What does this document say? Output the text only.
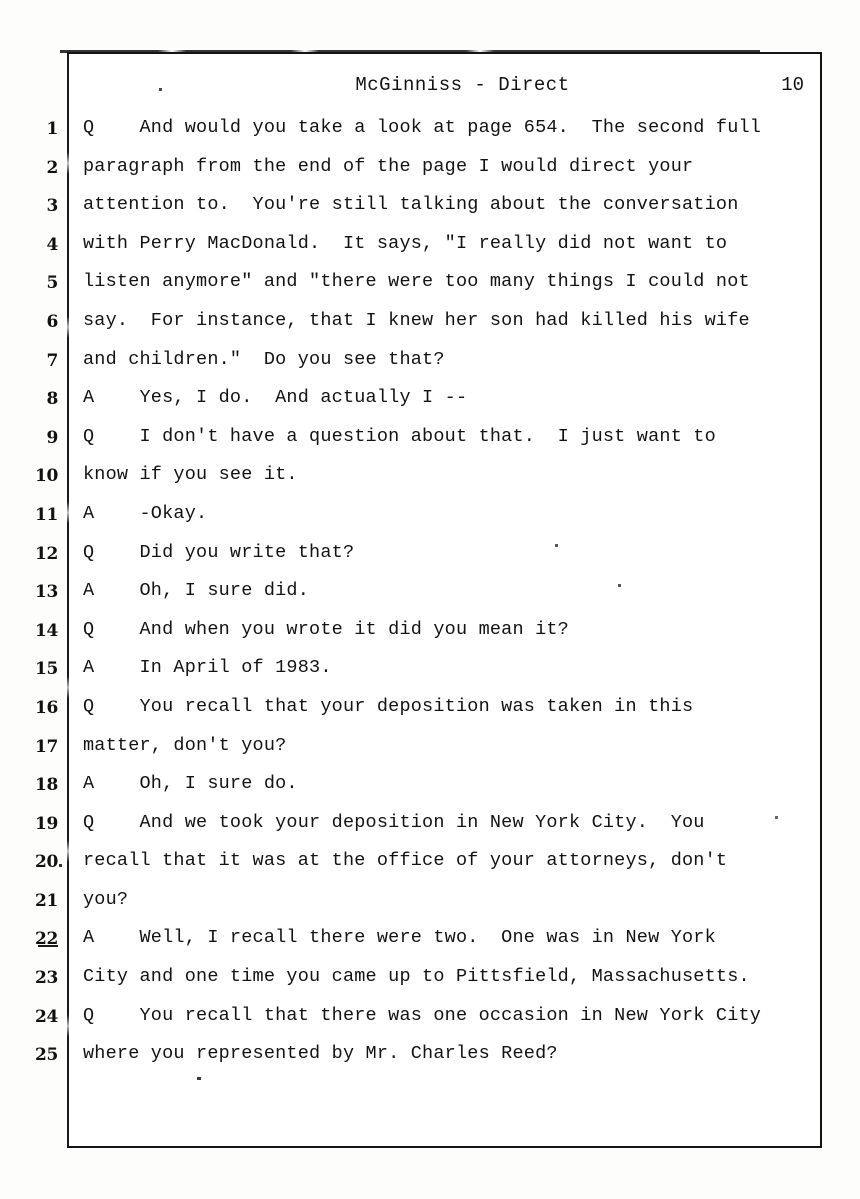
McGinniss - Direct	10
1 Q    And would you take a look at page 654.  The second full
2 paragraph from the end of the page I would direct your
3 attention to.  You're still talking about the conversation
4 with Perry MacDonald.  It says, "I really did not want to
5 listen anymore" and "there were too many things I could not
6 say.  For instance, that I knew her son had killed his wife
7 and children."  Do you see that?
8 A    Yes, I do.  And actually I --
9 Q    I don't have a question about that.  I just want to
10 know if you see it.
11 A    -Okay.
12 Q    Did you write that?
13 A    Oh, I sure did.
14 Q    And when you wrote it did you mean it?
15 A    In April of 1983.
16 Q    You recall that your deposition was taken in this
17 matter, don't you?
18 A    Oh, I sure do.
19 Q    And we took your deposition in New York City.  You
20 recall that it was at the office of your attorneys, don't
21 you?
22 A    Well, I recall there were two.  One was in New York
23 City and one time you came up to Pittsfield, Massachusetts.
24 Q    You recall that there was one occasion in New York City
25 where you represented by Mr. Charles Reed?
